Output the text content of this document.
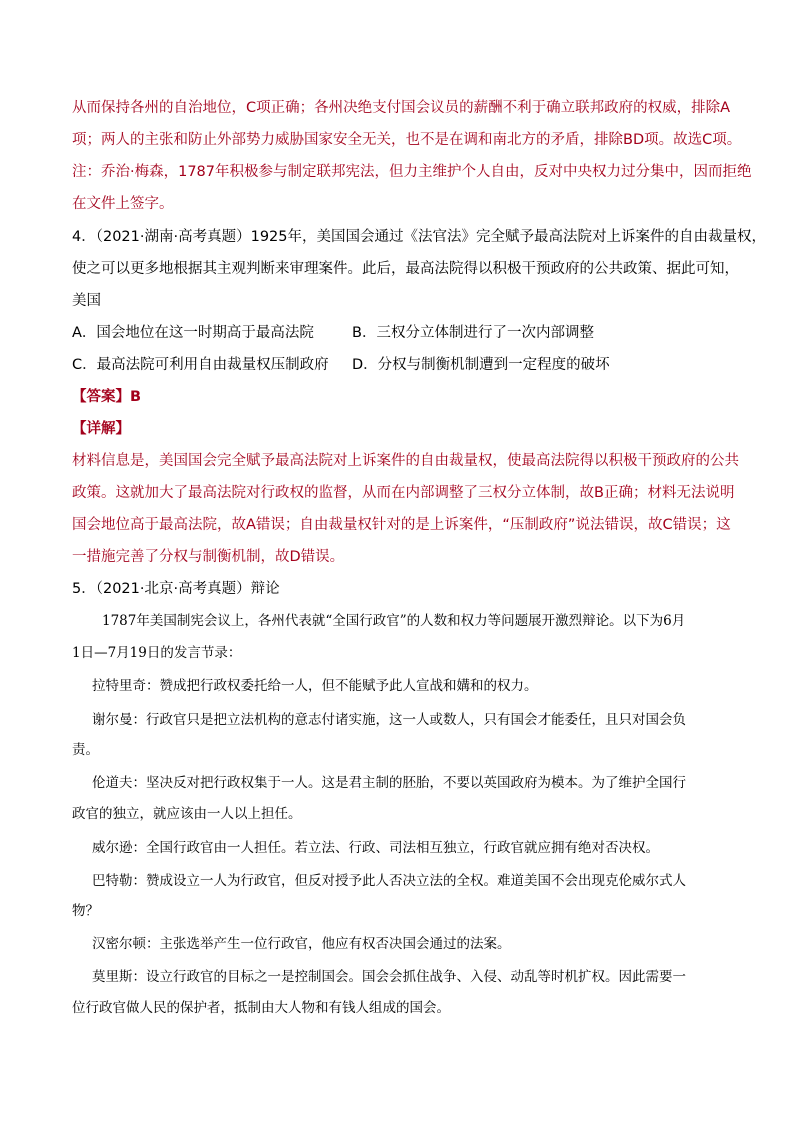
从而保持各州的自治地位，C项正确；各州决绝支付国会议员的薪酬不利于确立联邦政府的权威，排除A
项；两人的主张和防止外部势力威胁国家安全无关，也不是在调和南北方的矛盾，排除BD项。故选C项。
注：乔治·梅森，1787年积极参与制定联邦宪法，但力主维护个人自由，反对中央权力过分集中，因而拒绝
在文件上签字。
4．（2021·湖南·高考真题）1925年，美国国会通过《法官法》完全赋予最高法院对上诉案件的自由裁量权，
使之可以更多地根据其主观判断来审理案件。此后，最高法院得以积极干预政府的公共政策、据此可知，
美国
A．国会地位在这一时期高于最高法院	B．三权分立体制进行了一次内部调整
C．最高法院可利用自由裁量权压制政府 D．分权与制衡机制遭到一定程度的破坏
【答案】B
【详解】
材料信息是，美国国会完全赋予最高法院对上诉案件的自由裁量权，使最高法院得以积极干预政府的公共
政策。这就加大了最高法院对行政权的监督，从而在内部调整了三权分立体制，故B正确；材料无法说明
国会地位高于最高法院，故A错误；自由裁量权针对的是上诉案件，“压制政府”说法错误，故C错误；这
一措施完善了分权与制衡机制，故D错误。
5．（2021·北京·高考真题）辩论
1787年美国制宪会议上，各州代表就“全国行政官”的人数和权力等问题展开激烈辩论。以下为6月
1日—7月19日的发言节录：
拉特里奇：赞成把行政权委托给一人，但不能赋予此人宣战和媾和的权力。
谢尔曼：行政官只是把立法机构的意志付诸实施，这一人或数人，只有国会才能委任，且只对国会负
责。
伦道夫：坚决反对把行政权集于一人。这是君主制的胚胎，不要以英国政府为模本。为了维护全国行
政官的独立，就应该由一人以上担任。
威尔逊：全国行政官由一人担任。若立法、行政、司法相互独立，行政官就应拥有绝对否决权。
巴特勒：赞成设立一人为行政官，但反对授予此人否决立法的全权。难道美国不会出现克伦威尔式人
物？
汉密尔顿：主张选举产生一位行政官，他应有权否决国会通过的法案。
莫里斯：设立行政官的目标之一是控制国会。国会会抓住战争、入侵、动乱等时机扩权。因此需要一
位行政官做人民的保护者，抵制由大人物和有钱人组成的国会。
